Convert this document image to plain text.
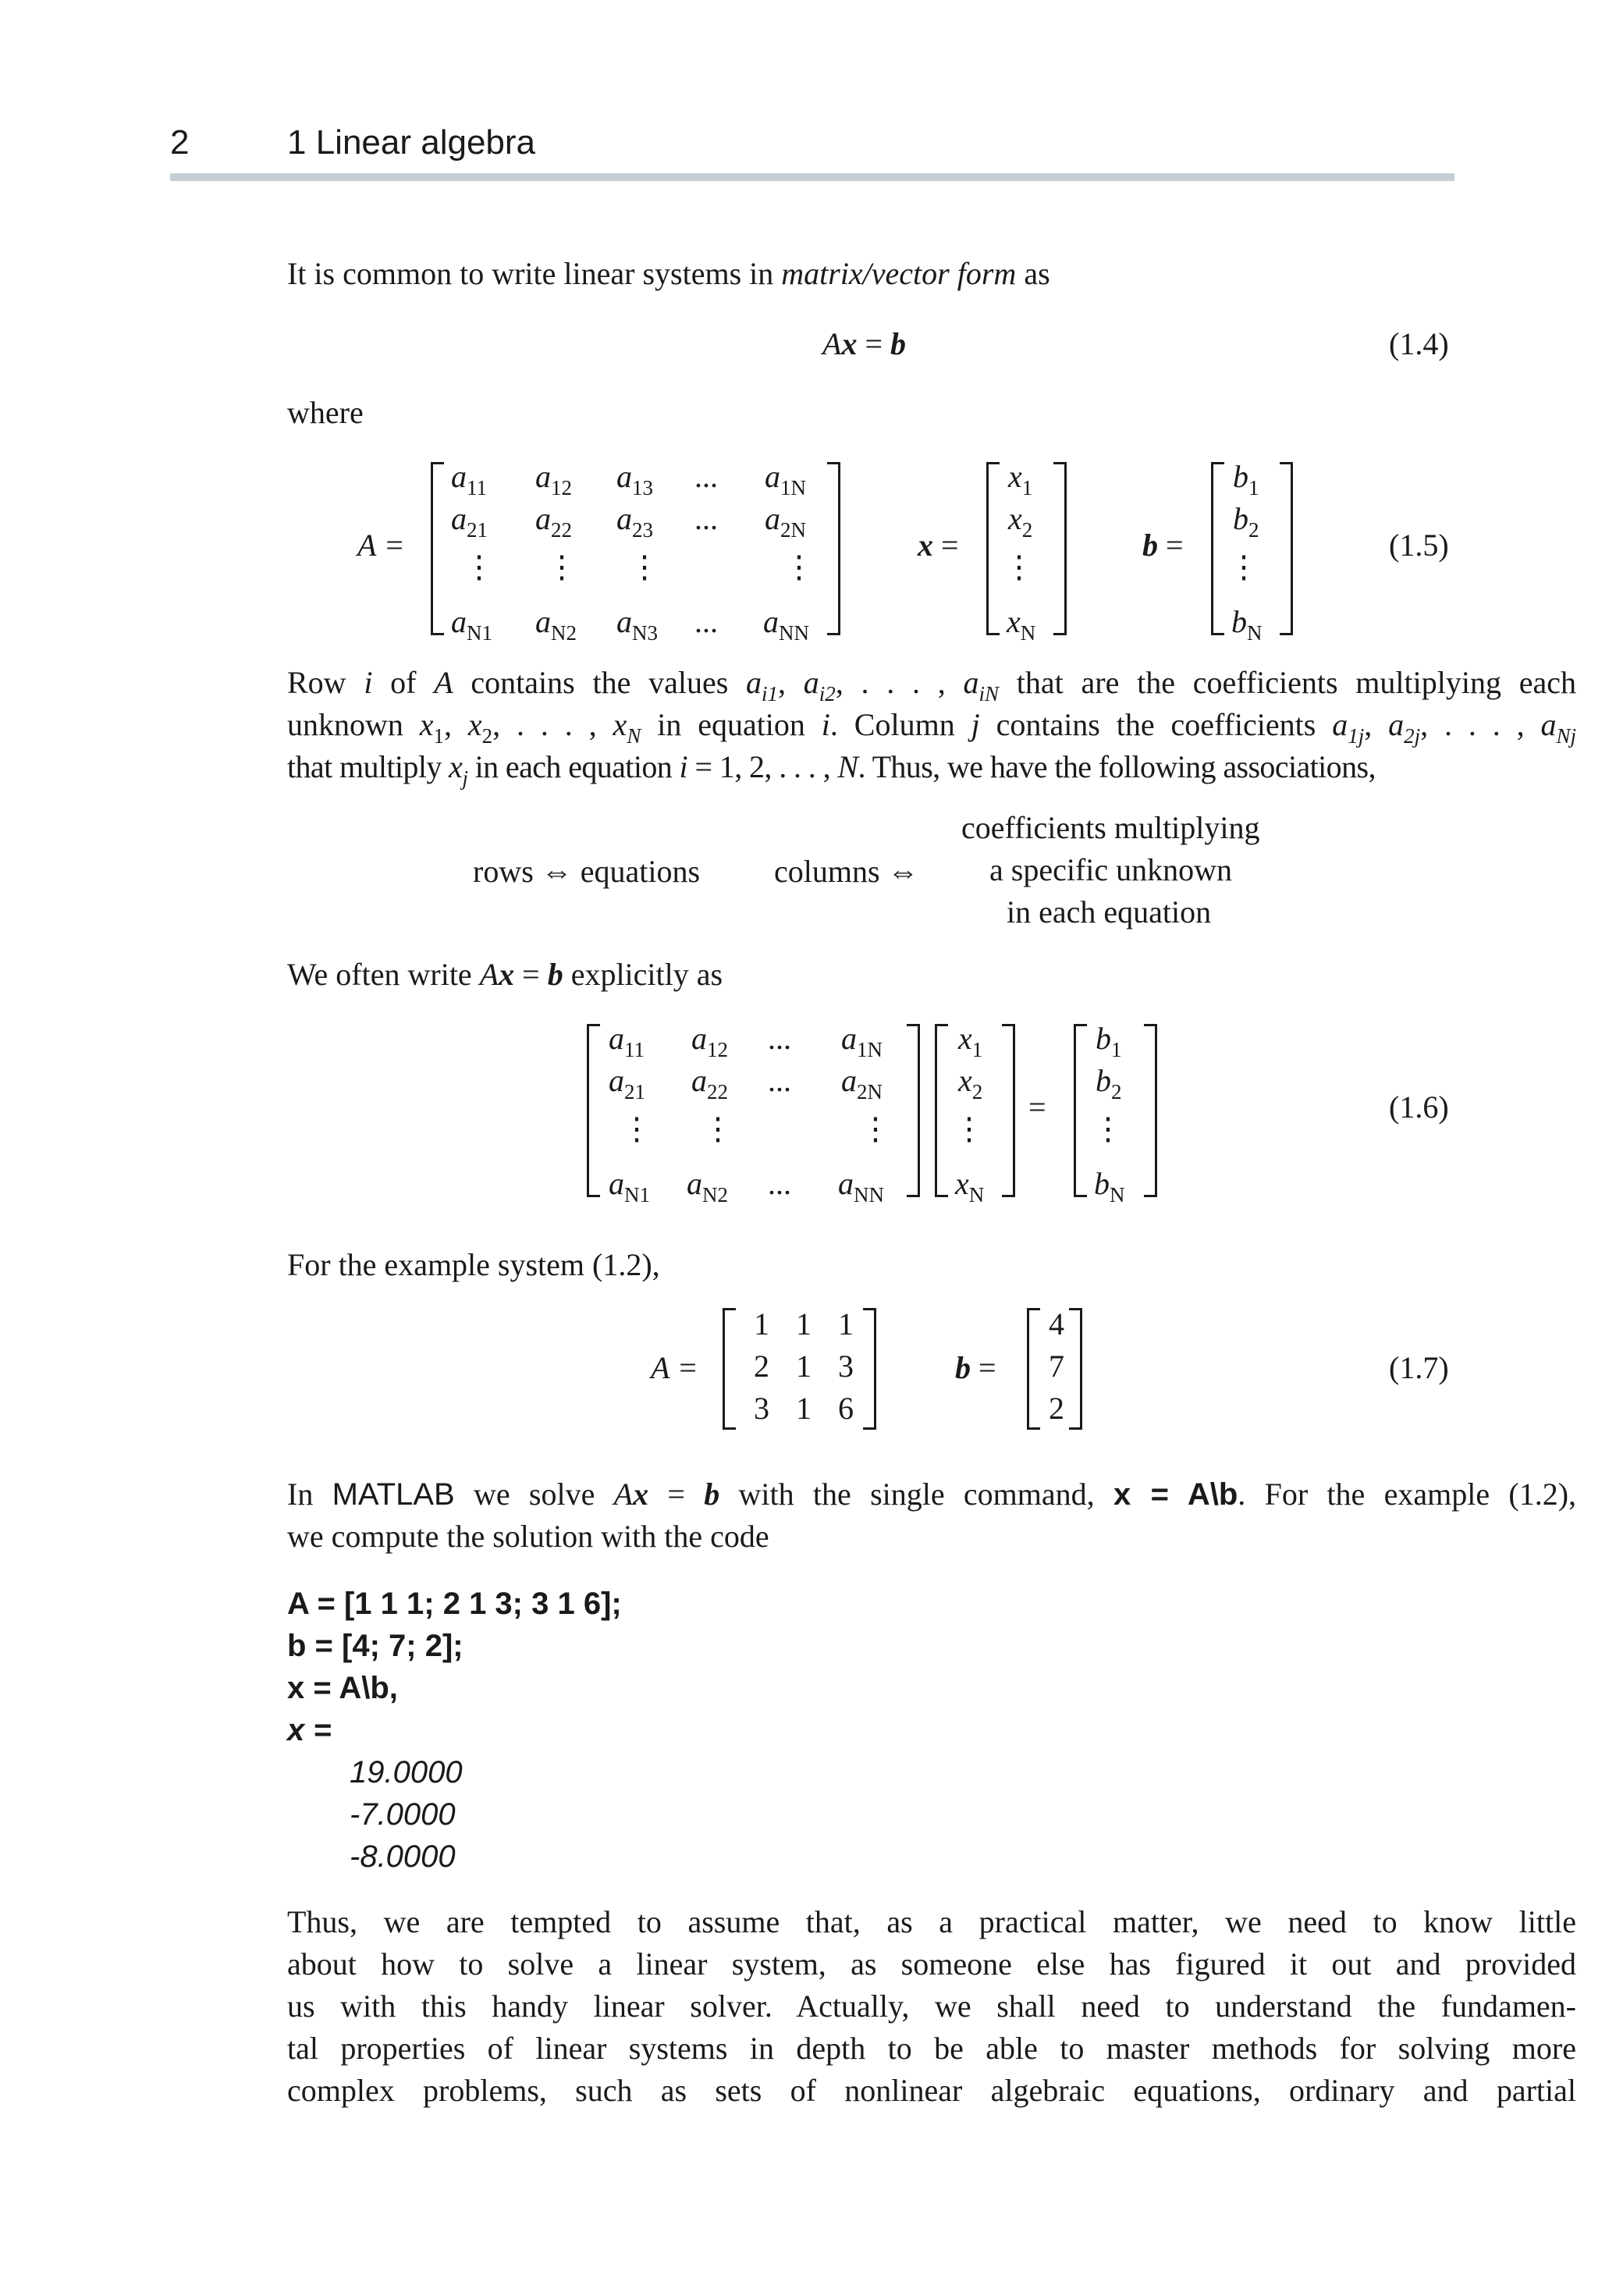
2	1 Linear algebra
It is common to write linear systems in matrix/vector form as
Ax = b	(1.4)
where
A =
$a_{11}$ $a_{12}$ $a_{13}$ ... $a_{1N}$
$a_{21}$ $a_{22}$ $a_{23}$ ... $a_{2N}$
⋮ ⋮ ⋮	⋮
$a_{N1}$ $a_{N2}$ $a_{N3}$ ... $a_{NN}$
x =
$x_1$
$x_2$
⋮
$x_N$
b =
$b_1$
$b_2$
⋮
$b_N$
(1.5)
Row i of A contains the values $a_{i1}$, $a_{i2}$, . . . , $a_{iN}$ that are the coefficients multiplying each
unknown $x_1$, $x_2$, . . . , $x_N$ in equation i. Column j contains the coefficients $a_{1j}$, $a_{2j}$, . . . , $a_{Nj}$
that multiply $x_j$ in each equation i = 1, 2, . . . , N. Thus, we have the following associations,
rows ⇔ equations columns ⇔
coefficients multiplying
a specific unknown
in each equation
We often write Ax = b explicitly as
$a_{11}$ $a_{12}$ ... $a_{1N}$
$a_{21}$ $a_{22}$ ... $a_{2N}$
⋮ ⋮	⋮
$a_{N1}$ $a_{N2}$ ... $a_{NN}$
$x_1$
$x_2$
⋮
$x_N$
=
$b_1$
$b_2$
⋮
$b_N$
(1.6)
For the example system (1.2),
A =
1 1 1
2 1 3
3 1 6
b =
4
7
2
(1.7)
In MATLAB we solve Ax = b with the single command, x = A\b. For the example (1.2),
we compute the solution with the code
A = [1 1 1; 2 1 3; 3 1 6];
b = [4; 7; 2];
x = A\b,
x =
19.0000
-7.0000
-8.0000
Thus, we are tempted to assume that, as a practical matter, we need to know little
about how to solve a linear system, as someone else has figured it out and provided
us with this handy linear solver. Actually, we shall need to understand the fundamen-
tal properties of linear systems in depth to be able to master methods for solving more
complex problems, such as sets of nonlinear algebraic equations, ordinary and partial
